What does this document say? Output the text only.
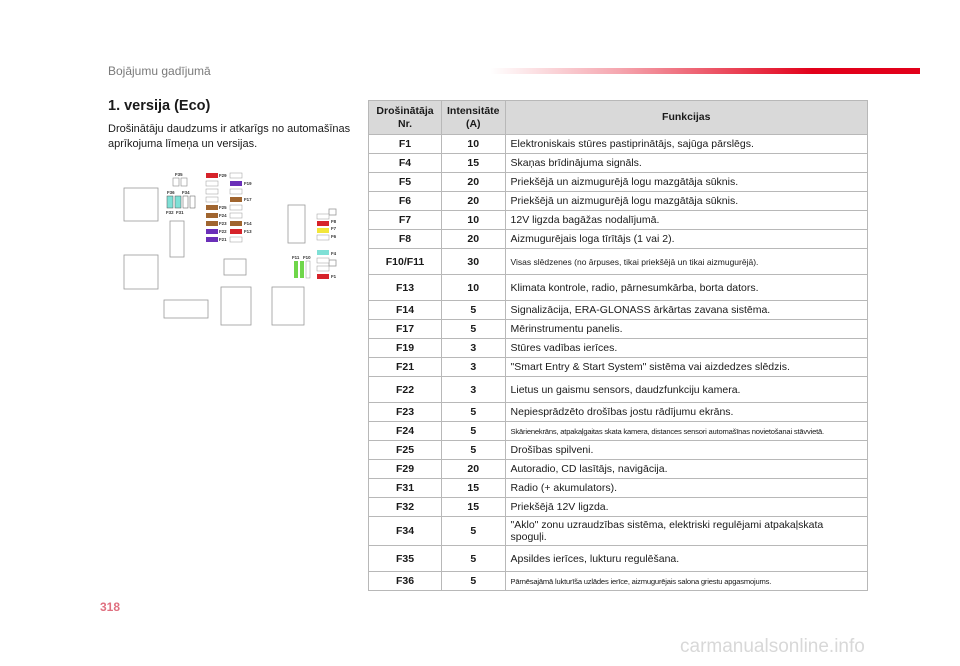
Bojājumu gadījumā
1. versija (Eco)
Drošinātāju daudzums ir atkarīgs no automašīnas aprīkojuma līmeņa un versijas.
F35
F36 F34
F32 F31
F29
F19
F17
F25
F24
F23	F14
F22	F13
F21
F8
F7
F6
F11 F10
F4
F1
Drošinātāja Nr.	Intensitāte (A)	Funkcijas
F1	10	Elektroniskais stūres pastiprinātājs, sajūga pārslēgs.
F4	15	Skaņas brīdinājuma signāls.
F5	20	Priekšējā un aizmugurējā logu mazgātāja sūknis.
F6	20	Priekšējā un aizmugurējā logu mazgātāja sūknis.
F7	10	12V ligzda bagāžas nodalījumā.
F8	20	Aizmugurējais loga tīrītājs (1 vai 2).
F10/F11	30	Visas slēdzenes (no ārpuses, tikai priekšējā un tikai aizmugurējā).
F13	10	Klimata kontrole, radio, pārnesumkārba, borta dators.
F14	5	Signalizācija, ERA-GLONASS ārkārtas zavana sistēma.
F17	5	Mērinstrumentu panelis.
F19	3	Stūres vadības ierīces.
F21	3	"Smart Entry & Start System" sistēma vai aizdedzes slēdzis.
F22	3	Lietus un gaismu sensors, daudzfunkciju kamera.
F23	5	Nepiesprādzēto drošības jostu rādījumu ekrāns.
F24	5	Skārienekrāns, atpakaļgaitas skata kamera, distances sensori automašīnas novietošanai stāvvietā.
F25	5	Drošības spilveni.
F29	20	Autoradio, CD lasītājs, navigācija.
F31	15	Radio (+ akumulators).
F32	15	Priekšējā 12V ligzda.
F34	5	"Aklo" zonu uzraudzības sistēma, elektriski regulējami atpakaļskata spoguļi.
F35	5	Apsildes ierīces, lukturu regulēšana.
F36	5	Pārnēsajāmā lukturīša uzlādes ierīce, aizmugurējais salona griestu apgasmojums.
318
carmanualsonline.info
